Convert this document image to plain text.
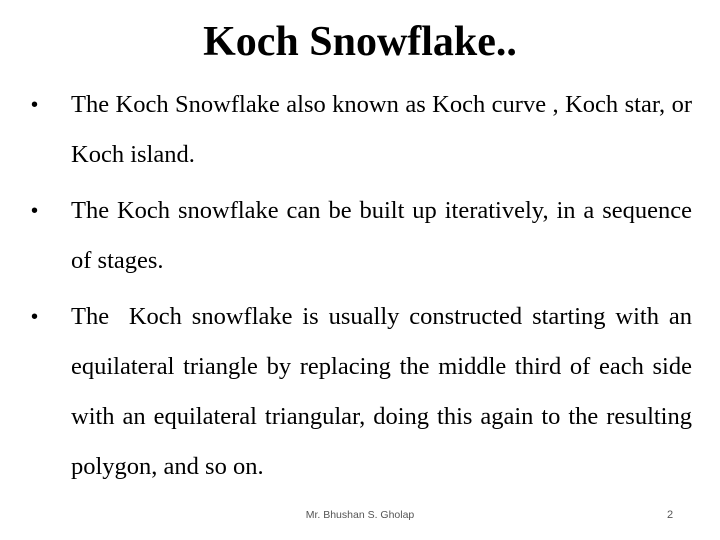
Koch Snowflake..
• The Koch Snowflake also known as Koch curve , Koch star, or Koch island.
• The Koch snowflake can be built up iteratively, in a sequence of stages.
• The  Koch snowflake is usually constructed starting with an equilateral triangle by replacing the middle third of each side with an equilateral triangular, doing this again to the resulting polygon, and so on.
Mr. Bhushan S. Gholap	2
